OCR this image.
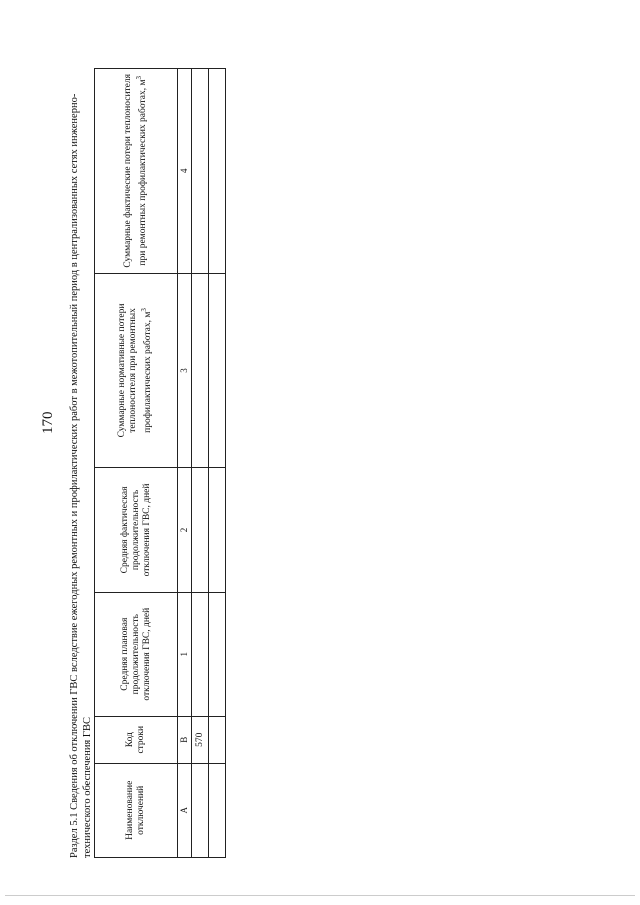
170 Раздел 5.1 Сведения об отключении ГВС вследствие ежегодных ремонтных и профилактических работ в межотопительный период в централизованных сетях инженерно-технического обеспечения ГВС	Наименование отключений	Код строки	Средняя плановая продолжительность отключения ГВС, дней	Средняя фактическая продолжительность отключения ГВС, дней	Суммарные нормативные потери теплоносителя при ремонтных профилактических работах, $м^3$	Суммарные фактические потери теплоносителя при ремонтных профилактических работах, $м^3$
А	В	1	2	3	4
	570				
